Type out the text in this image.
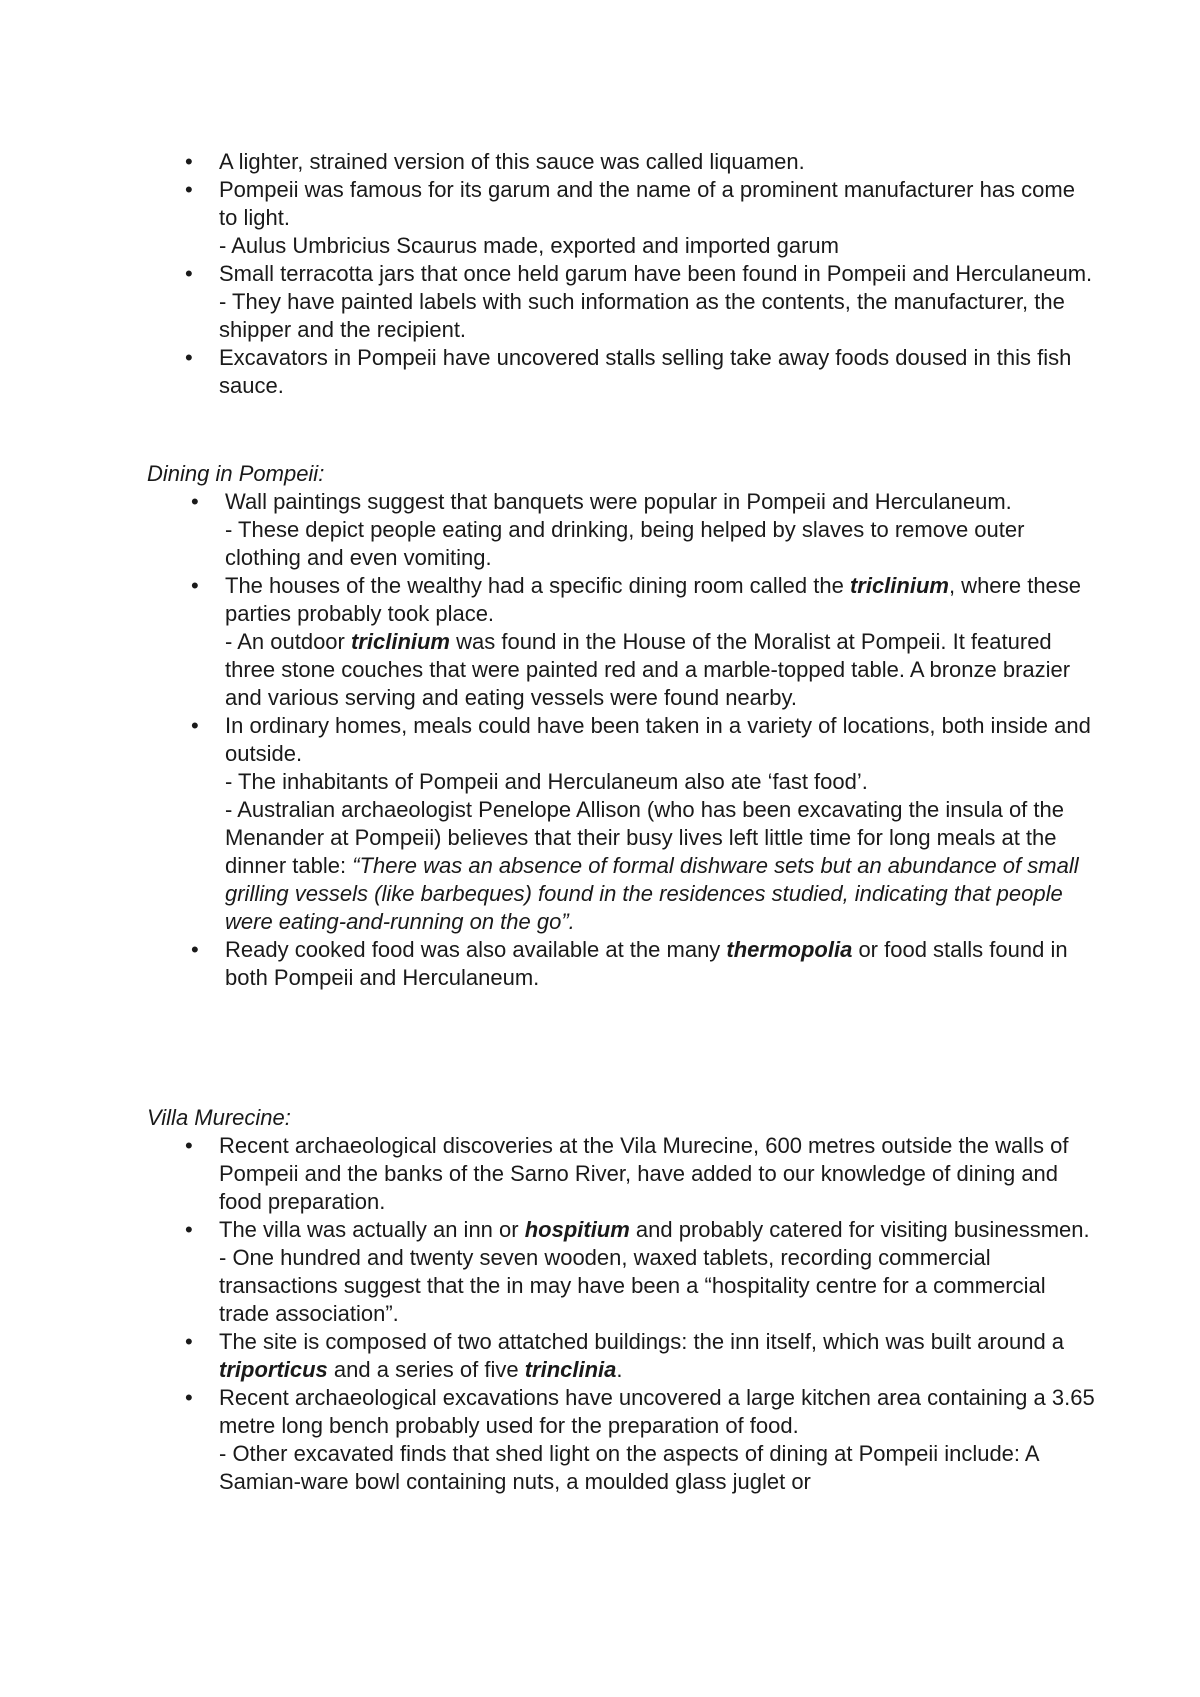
• A lighter, strained version of this sauce was called liquamen.
• Pompeii was famous for its garum and the name of a prominent manufacturer has come to light.
- Aulus Umbricius Scaurus made, exported and imported garum
• Small terracotta jars that once held garum have been found in Pompeii and Herculaneum.
- They have painted labels with such information as the contents, the manufacturer, the shipper and the recipient.
• Excavators in Pompeii have uncovered stalls selling take away foods doused in this fish sauce.
Dining in Pompeii:
• Wall paintings suggest that banquets were popular in Pompeii and Herculaneum.
- These depict people eating and drinking, being helped by slaves to remove outer clothing and even vomiting.
• The houses of the wealthy had a specific dining room called the triclinium, where these parties probably took place.
- An outdoor triclinium was found in the House of the Moralist at Pompeii. It featured three stone couches that were painted red and a marble-topped table. A bronze brazier and various serving and eating vessels were found nearby.
• In ordinary homes, meals could have been taken in a variety of locations, both inside and outside.
- The inhabitants of Pompeii and Herculaneum also ate ‘fast food’.
- Australian archaeologist Penelope Allison (who has been excavating the insula of the Menander at Pompeii) believes that their busy lives left little time for long meals at the dinner table: “There was an absence of formal dishware sets but an abundance of small grilling vessels (like barbeques) found in the residences studied, indicating that people were eating-and-running on the go”.
• Ready cooked food was also available at the many thermopolia or food stalls found in both Pompeii and Herculaneum.
Villa Murecine:
• Recent archaeological discoveries at the Vila Murecine, 600 metres outside the walls of Pompeii and the banks of the Sarno River, have added to our knowledge of dining and food preparation.
• The villa was actually an inn or hospitium and probably catered for visiting businessmen.
- One hundred and twenty seven wooden, waxed tablets, recording commercial transactions suggest that the in may have been a “hospitality centre for a commercial trade association”.
• The site is composed of two attatched buildings: the inn itself, which was built around a triporticus and a series of five trinclinia.
• Recent archaeological excavations have uncovered a large kitchen area containing a 3.65 metre long bench probably used for the preparation of food.
- Other excavated finds that shed light on the aspects of dining at Pompeii include: A Samian-ware bowl containing nuts, a moulded glass juglet or
